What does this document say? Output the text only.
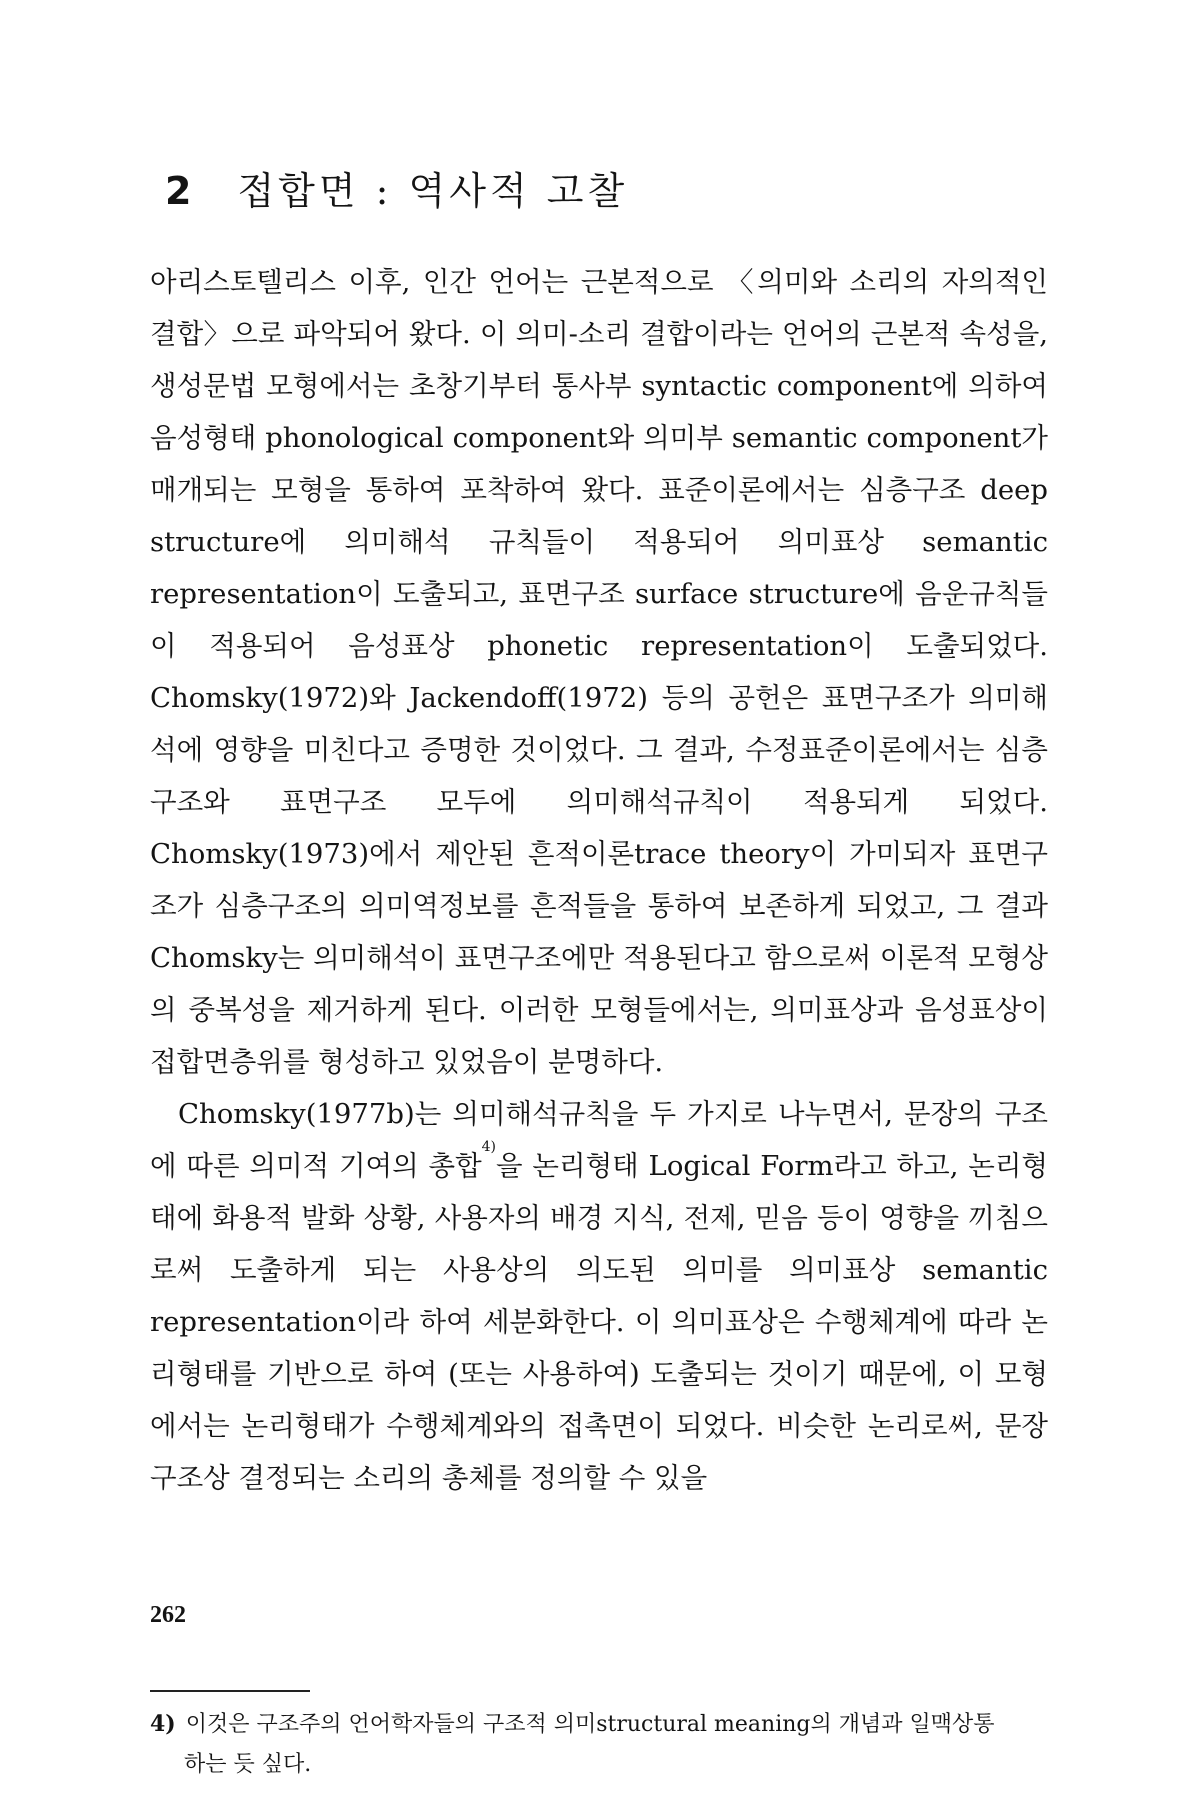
2 접합면 : 역사적 고찰

아리스토텔리스 이후, 인간 언어는 근본적으로 〈의미와 소리의 자의적인 결합〉으로 파악되어 왔다. 이 의미-소리 결합이라는 언어의 근본적 속성을, 생성문법 모형에서는 초창기부터 통사부 syntactic component에 의하여 음성형태 phonological component와 의미부 semantic component가 매개되는 모형을 통하여 포착하여 왔다. 표준이론에서는 심층구조 deep structure에 의미해석 규칙들이 적용되어 의미표상 semantic representation이 도출되고, 표면구조 surface structure에 음운규칙들이 적용되어 음성표상 phonetic representation이 도출되었다. Chomsky(1972)와 Jackendoff(1972) 등의 공헌은 표면구조가 의미해석에 영향을 미친다고 증명한 것이었다. 그 결과, 수정표준이론에서는 심층구조와 표면구조 모두에 의미해석규칙이 적용되게 되었다. Chomsky(1973)에서 제안된 흔적이론trace theory이 가미되자 표면구조가 심층구조의 의미역정보를 흔적들을 통하여 보존하게 되었고, 그 결과 Chomsky는 의미해석이 표면구조에만 적용된다고 함으로써 이론적 모형상의 중복성을 제거하게 된다. 이러한 모형들에서는, 의미표상과 음성표상이 접합면층위를 형성하고 있었음이 분명하다.

Chomsky(1977b)는 의미해석규칙을 두 가지로 나누면서, 문장의 구조에 따른 의미적 기여의 총합$^{4)}$을 논리형태 Logical Form라고 하고, 논리형태에 화용적 발화 상황, 사용자의 배경 지식, 전제, 믿음 등이 영향을 끼침으로써 도출하게 되는 사용상의 의도된 의미를 의미표상 semantic representation이라 하여 세분화한다. 이 의미표상은 수행체계에 따라 논리형태를 기반으로 하여 (또는 사용하여) 도출되는 것이기 때문에, 이 모형에서는 논리형태가 수행체계와의 접촉면이 되었다. 비슷한 논리로써, 문장구조상 결정되는 소리의 총체를 정의할 수 있을

4) 이것은 구조주의 언어학자들의 구조적 의미structural meaning의 개념과 일맥상통
하는 듯 싶다.
262
